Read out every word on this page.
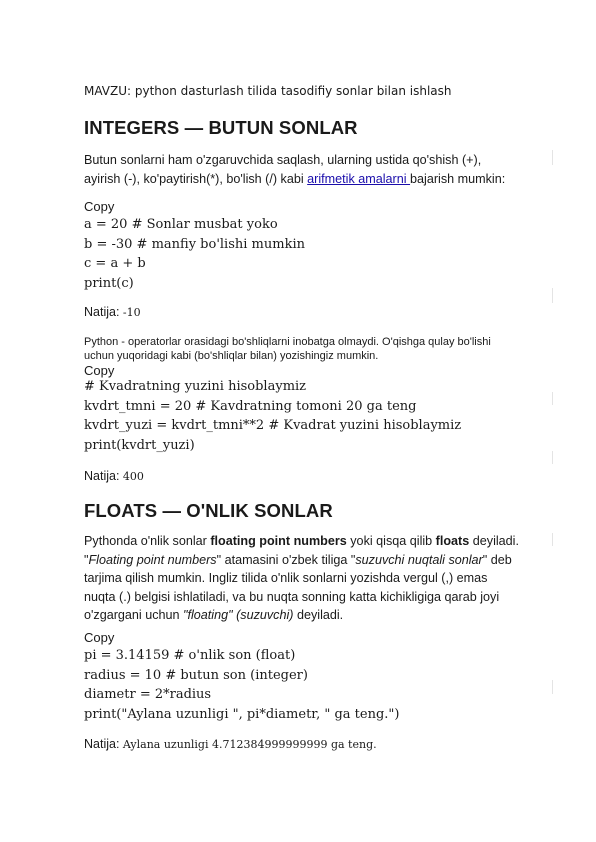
MAVZU: python dasturlash tilida tasodifiy sonlar bilan ishlash
INTEGERS — BUTUN SONLAR
Butun sonlarni ham o'zgaruvchida saqlash, ularning ustida qo'shish (+),
ayirish (-), ko'paytirish(*), bo'lish (/) kabi arifmetik amalarni bajarish mumkin:
Copy
a = 20 # Sonlar musbat yoko
b = -30 # manfiy bo'lishi mumkin
c = a + b
print(c)
Natija: -10
Python - operatorlar orasidagi bo'shliqlarni inobatga olmaydi. O'qishga qulay bo'lishi
uchun yuqoridagi kabi (bo'shliqlar bilan) yozishingiz mumkin.
Copy
# Kvadratning yuzini hisoblaymiz
kvdrt_tmni = 20 # Kavdratning tomoni 20 ga teng
kvdrt_yuzi = kvdrt_tmni**2 # Kvadrat yuzini hisoblaymiz
print(kvdrt_yuzi)
Natija: 400
FLOATS — O'NLIK SONLAR
Pythonda o'nlik sonlar floating point numbers yoki qisqa qilib floats deyiladi.
"Floating point numbers" atamasini o'zbek tiliga "suzuvchi nuqtali sonlar" deb
tarjima qilish mumkin. Ingliz tilida o'nlik sonlarni yozishda vergul (,) emas
nuqta (.) belgisi ishlatiladi, va bu nuqta sonning katta kichikligiga qarab joyi
o'zgargani uchun "floating" (suzuvchi) deyiladi.
Copy
pi = 3.14159 # o'nlik son (float)
radius = 10 # butun son (integer)
diametr = 2*radius
print("Aylana uzunligi ", pi*diametr, " ga teng.")
Natija: Aylana uzunligi 4.712384999999999 ga teng.
